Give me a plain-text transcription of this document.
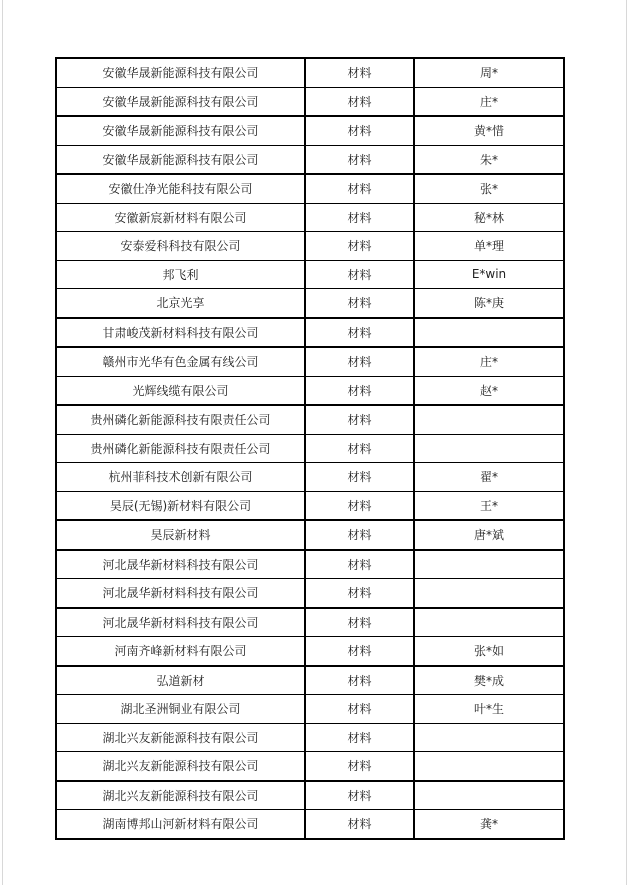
安徽华晟新能源科技有限公司	材料	周*
安徽华晟新能源科技有限公司	材料	庄*
安徽华晟新能源科技有限公司	材料	黄*惜
安徽华晟新能源科技有限公司	材料	朱*
安徽仕净光能科技有限公司	材料	张*
安徽新宸新材料有限公司	材料	秘*林
安泰爱科科技有限公司	材料	单*理
邦飞利	材料	E*win
北京光享	材料	陈*庚
甘肃峻茂新材料科技有限公司	材料	
赣州市光华有色金属有线公司	材料	庄*
光辉线缆有限公司	材料	赵*
贵州磷化新能源科技有限责任公司	材料	
贵州磷化新能源科技有限责任公司	材料	
杭州菲科技术创新有限公司	材料	翟*
昊辰(无锡)新材料有限公司	材料	王*
昊辰新材料	材料	唐*斌
河北晟华新材料科技有限公司	材料	
河北晟华新材料科技有限公司	材料	
河北晟华新材料科技有限公司	材料	
河南齐峰新材料有限公司	材料	张*如
弘道新材	材料	樊*成
湖北圣洲铜业有限公司	材料	叶*生
湖北兴友新能源科技有限公司	材料	
湖北兴友新能源科技有限公司	材料	
湖北兴友新能源科技有限公司	材料	
湖南博邦山河新材料有限公司	材料	龚*
